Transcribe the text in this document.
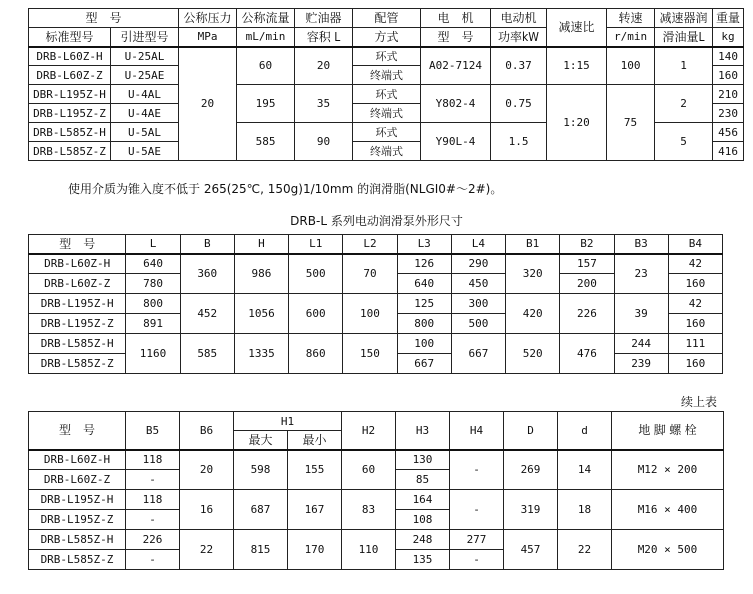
型　号		公称压力	公称流量	贮油器	配管	电　机	电动机	减速比	转速	减速器润	重量
标准型号	引进型号	MPa	mL/min	容积 L	方式	型　号	功率kW		r/min	滑油量L	kg
DRB-L60Z-H	U-25AL	20	60	20	环式	A02-7124	0.37	1:15	100	1	140
DRB-L60Z-Z	U-25AE				终端式						160
DBR-L195Z-H	U-4AL		195	35	环式	Y802-4	0.75	1:20	75	2	210
DRB-L195Z-Z	U-4AE				终端式						230
DRB-L585Z-H	U-5AL		585	90	环式	Y90L-4	1.5			5	456
DRB-L585Z-Z	U-5AE				终端式						416
使用介质为锥入度不低于 265(25℃, 150g)1/10mm 的润滑脂(NLGI0#～2#)。
DRB-L 系列电动润滑泵外形尺寸
型　号	L	B	H	L1	L2	L3	L4	B1	B2	B3	B4
DRB-L60Z-H	640	360	986	500	70	126	290	320	157	23	42
DRB-L60Z-Z	780					640	450		200		160
DRB-L195Z-H	800	452	1056	600	100	125	300	420	226	39	42
DRB-L195Z-Z	891					800	500				160
DRB-L585Z-H	1160	585	1335	860	150	100	667	520	476	244	111
DRB-L585Z-Z						667				239	160
续上表
型　号	B5	B6	H1		H2	H3	H4	D	d	地 脚 螺 栓
			最大	最小						
DRB-L60Z-H	118	20	598	155	60	130	-	269	14	M12 × 200
DRB-L60Z-Z	-					85				
DRB-L195Z-H	118	16	687	167	83	164	-	319	18	M16 × 400
DRB-L195Z-Z	-					108				
DRB-L585Z-H	226	22	815	170	110	248	277	457	22	M20 × 500
DRB-L585Z-Z	-					135	-			
